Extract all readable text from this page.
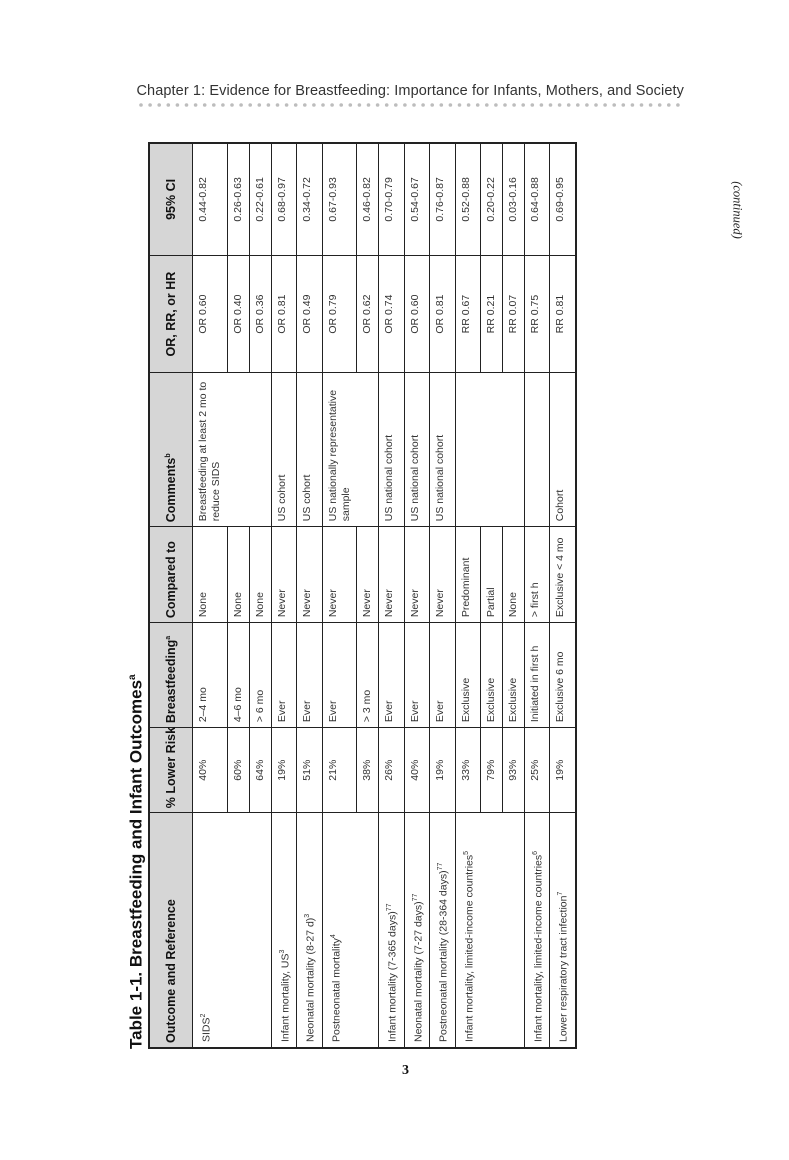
Chapter 1: Evidence for Breastfeeding: Importance for Infants, Mothers, and Society
(continued)
3
Table 1-1. Breastfeeding and Infant Outcomes$^a$
Outcome and Reference	% Lower Risk	Breastfeeding$^a$	Compared to	Comments$^b$	OR, RR, or HR	95% CI
SIDS$^2$	40%	2–4 mo	None	Breastfeeding at least 2 mo to reduce SIDS	OR 0.60	0.44-0.82
	60%	4–6 mo	None		OR 0.40	0.26-0.63
	64%	> 6 mo	None		OR 0.36	0.22-0.61
Infant mortality, $US^3$	19%	Ever	Never	US cohort	OR 0.81	0.68-0.97
Neonatal mortality (8-27 d)$^3$	51%	Ever	Never	US cohort	OR 0.49	0.34-0.72
Postneonatal mortality$^4$	21%	Ever	Never	US nationally representative sample	OR 0.79	0.67-0.93
	38%	> 3 mo	Never		OR 0.62	0.46-0.82
Infant mortality (7-365 days)$^{77}$	26%	Ever	Never	US national cohort	OR 0.74	0.70-0.79
Neonatal mortality (7-27 days)$^{77}$	40%	Ever	Never	US national cohort	OR 0.60	0.54-0.67
Postneonatal mortality (28-364 days)$^{77}$	19%	Ever	Never	US national cohort	OR 0.81	0.76-0.87
Infant mortality, limited-income countries$^5$	33%	Exclusive	Predominant		RR 0.67	0.52-0.88
	79%	Exclusive	Partial		RR 0.21	0.20-0.22
	93%	Exclusive	None		RR 0.07	0.03-0.16
Infant mortality, limited-income countries$^6$	25%	Initiated in first h	> first h		RR 0.75	0.64-0.88
Lower respiratory tract infection$^7$	19%	Exclusive 6 mo	Exclusive < 4 mo	Cohort	RR 0.81	0.69-0.95
